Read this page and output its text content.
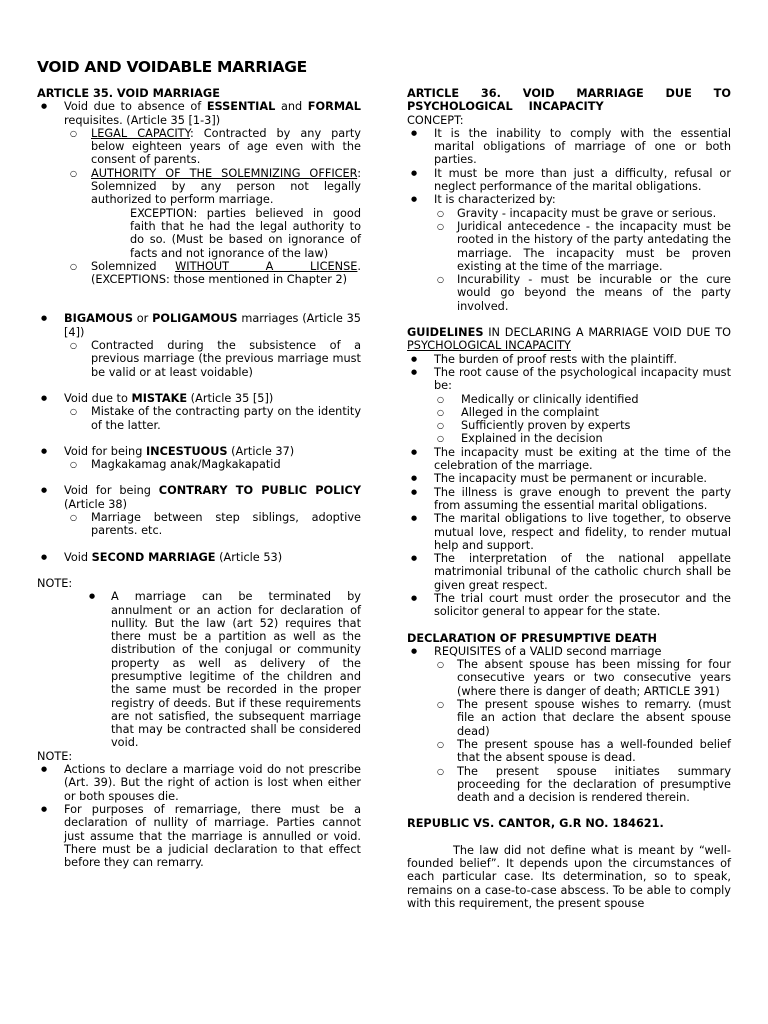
VOID AND VOIDABLE MARRIAGE

ARTICLE 35. VOID MARRIAGE

● Void due to absence of ESSENTIAL and FORMAL requisites. (Article 35 [1-3])
○ LEGAL CAPACITY: Contracted by any party below eighteen years of age even with the consent of parents.
○ AUTHORITY OF THE SOLEMNIZING OFFICER: Solemnized by any person not legally authorized to perform marriage.

EXCEPTION: parties believed in good faith that he had the legal authority to do so. (Must be based on ignorance of facts and not ignorance of the law)

○ Solemnized WITHOUT A LICENSE. (EXCEPTIONS: those mentioned in Chapter 2)
● BIGAMOUS or POLIGAMOUS marriages (Article 35 [4])
○ Contracted during the subsistence of a previous marriage (the previous marriage must be valid or at least voidable)
● Void due to MISTAKE (Article 35 [5])
○ Mistake of the contracting party on the identity of the latter.
● Void for being INCESTUOUS (Article 37)
○ Magkakamag anak/Magkakapatid
● Void for being CONTRARY TO PUBLIC POLICY (Article 38)
○ Marriage between step siblings, adoptive parents. etc.
● Void SECOND MARRIAGE (Article 53)

NOTE:

● A marriage can be terminated by annulment or an action for declaration of nullity. But the law (art 52) requires that there must be a partition as well as the distribution of the conjugal or community property as well as delivery of the presumptive legitime of the children and the same must be recorded in the proper registry of deeds. But if these requirements are not satisfied, the subsequent marriage that may be contracted shall be considered void.

NOTE:

● Actions to declare a marriage void do not prescribe (Art. 39). But the right of action is lost when either or both spouses die.
● For purposes of remarriage, there must be a declaration of nullity of marriage. Parties cannot just assume that the marriage is annulled or void. There must be a judicial declaration to that effect before they can remarry.

ARTICLE 36. VOID MARRIAGE DUE TO PSYCHOLOGICAL INCAPACITY

CONCEPT:

● It is the inability to comply with the essential marital obligations of marriage of one or both parties.
● It must be more than just a difficulty, refusal or neglect performance of the marital obligations.
● It is characterized by:
○ Gravity - incapacity must be grave or serious.
○ Juridical antecedence - the incapacity must be rooted in the history of the party antedating the marriage. The incapacity must be proven existing at the time of the marriage.
○ Incurability - must be incurable or the cure would go beyond the means of the party involved.

GUIDELINES IN DECLARING A MARRIAGE VOID DUE TO PSYCHOLOGICAL INCAPACITY

● The burden of proof rests with the plaintiff.
● The root cause of the psychological incapacity must be:
○ Medically or clinically identified
○ Alleged in the complaint
○ Sufficiently proven by experts
○ Explained in the decision
● The incapacity must be exiting at the time of the celebration of the marriage.
● The incapacity must be permanent or incurable.
● The illness is grave enough to prevent the party from assuming the essential marital obligations.
● The marital obligations to live together, to observe mutual love, respect and fidelity, to render mutual help and support.
● The interpretation of the national appellate matrimonial tribunal of the catholic church shall be given great respect.
● The trial court must order the prosecutor and the solicitor general to appear for the state.

DECLARATION OF PRESUMPTIVE DEATH

● REQUISITES of a VALID second marriage
○ The absent spouse has been missing for four consecutive years or two consecutive years (where there is danger of death; ARTICLE 391)
○ The present spouse wishes to remarry. (must file an action that declare the absent spouse dead)
○ The present spouse has a well-founded belief that the absent spouse is dead.
○ The present spouse initiates summary proceeding for the declaration of presumptive death and a decision is rendered therein.

REPUBLIC VS. CANTOR, G.R NO. 184621.

The law did not define what is meant by “well-founded belief”. It depends upon the circumstances of each particular case. Its determination, so to speak, remains on a case-to-case abscess. To be able to comply with this requirement, the present spouse
